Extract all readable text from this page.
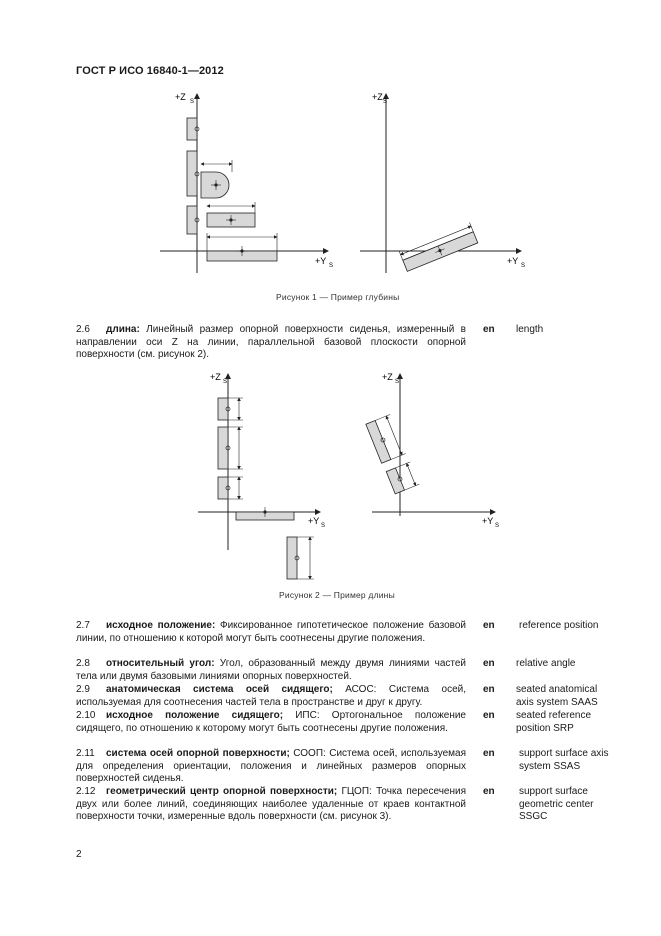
ГОСТ Р ИСО 16840-1—2012
+Z S
+Y S
+Z S
+Y S
Рисунок 1 — Пример глубины
2.6 длина: Линейный размер опорной поверхности сиденья, измеренный в направлении оси Z на линии, параллельной базовой плоскости опорной поверхности (см. рисунок 2).
en length
+Z S
+Y S
+Z S
+Y S
Рисунок 2 — Пример длины
2.7 исходное положение: Фиксированное гипотетическое положение базовой линии, по отношению к которой могут быть соотнесены другие положения.
en reference position
2.8 относительный угол: Угол, образованный между двумя линиями частей тела или двумя базовыми линиями опорных поверхностей.
en relative angle
2.9 анатомическая система осей сидящего; АСОС: Система осей, используемая для соотнесения частей тела в пространстве и друг к другу.
en seated anatomical axis system SAAS
2.10 исходное положение сидящего; ИПС: Ортогональное положение сидящего, по отношению к которому могут быть соотнесены другие положения.
en seated reference position SRP
2.11 система осей опорной поверхности; СООП: Система осей, используемая для определения ориентации, положения и линейных размеров опорных поверхностей сиденья.
en support surface axis system SSAS
2.12 геометрический центр опорной поверхности; ГЦОП: Точка пересечения двух или более линий, соединяющих наиболее удаленные от краев контактной поверхности точки, измеренные вдоль поверхности (см. рисунок 3).
en support surface geometric center SSGC
2
